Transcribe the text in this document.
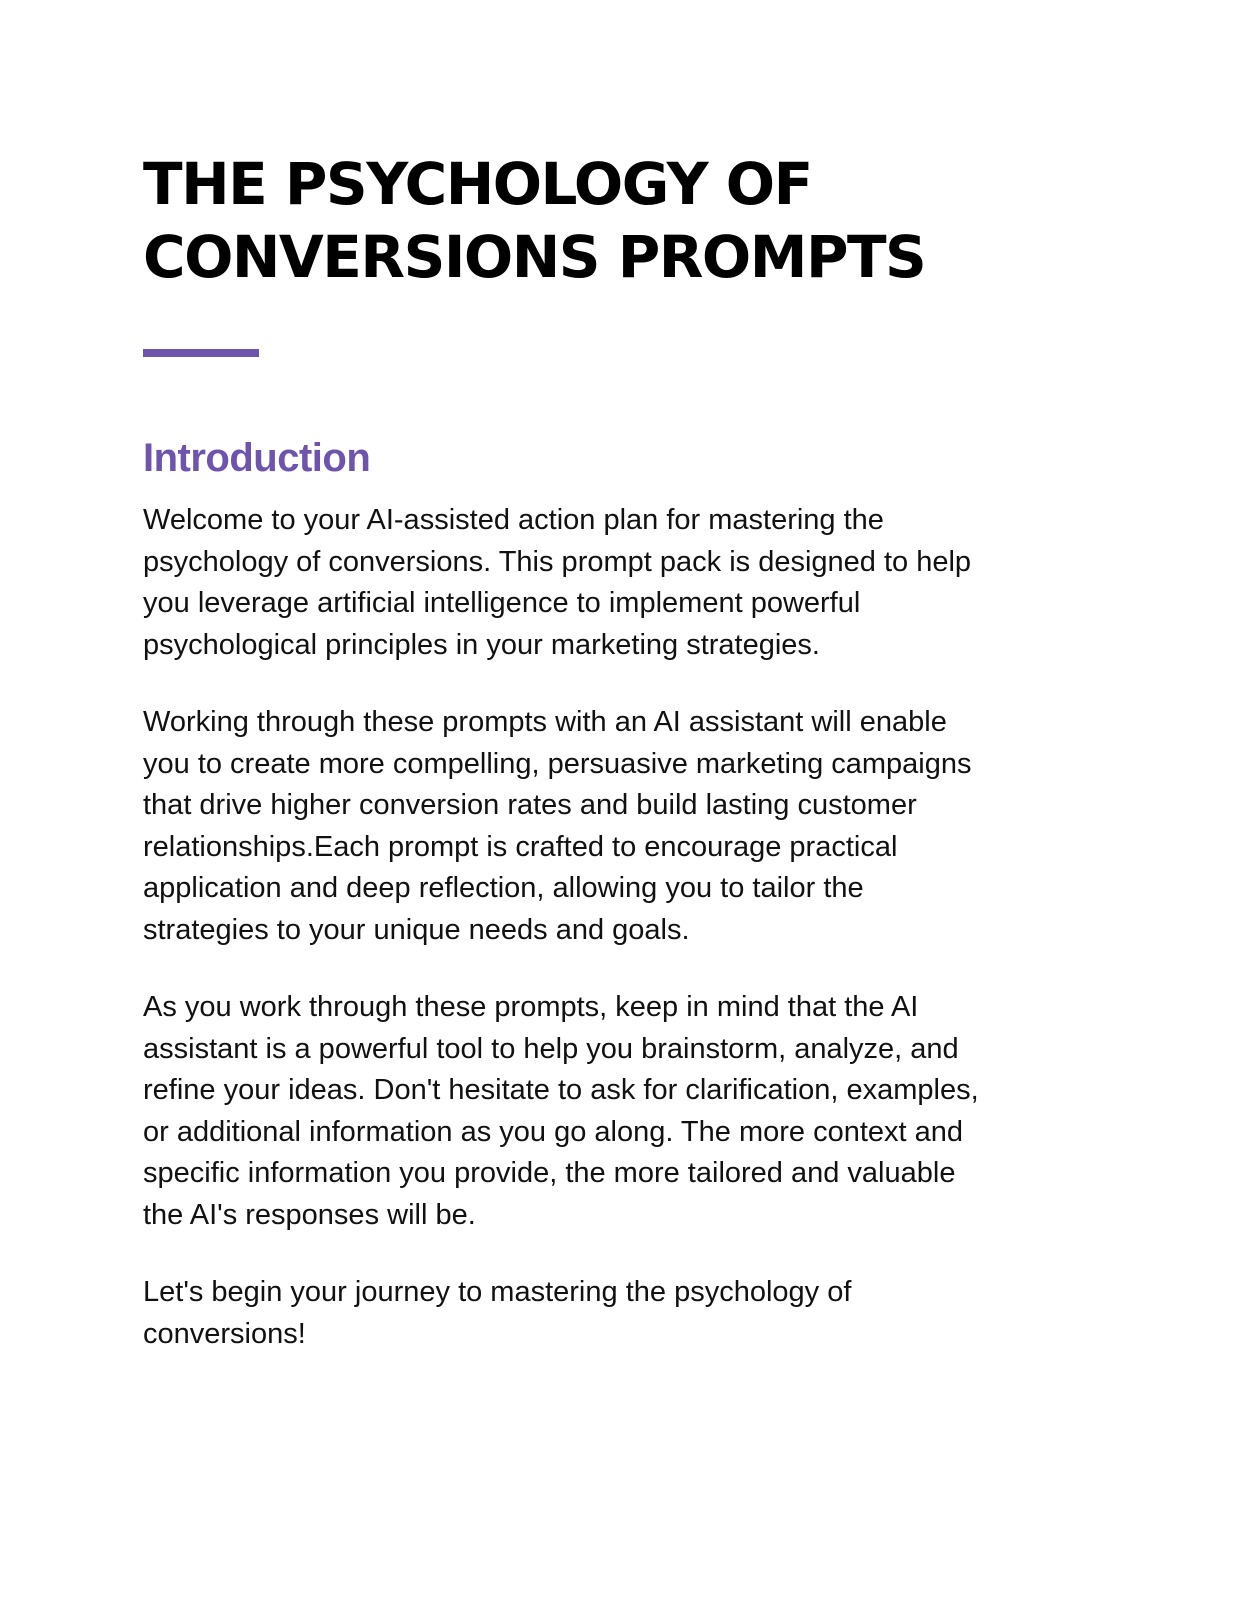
THE PSYCHOLOGY OF
CONVERSIONS PROMPTS
Introduction

Welcome to your AI-assisted action plan for mastering the
psychology of conversions. This prompt pack is designed to help
you leverage artificial intelligence to implement powerful
psychological principles in your marketing strategies.

Working through these prompts with an AI assistant will enable
you to create more compelling, persuasive marketing campaigns
that drive higher conversion rates and build lasting customer
relationships.Each prompt is crafted to encourage practical
application and deep reflection, allowing you to tailor the
strategies to your unique needs and goals.

As you work through these prompts, keep in mind that the AI
assistant is a powerful tool to help you brainstorm, analyze, and
refine your ideas. Don't hesitate to ask for clarification, examples,
or additional information as you go along. The more context and
specific information you provide, the more tailored and valuable
the AI's responses will be.

Let's begin your journey to mastering the psychology of
conversions!
